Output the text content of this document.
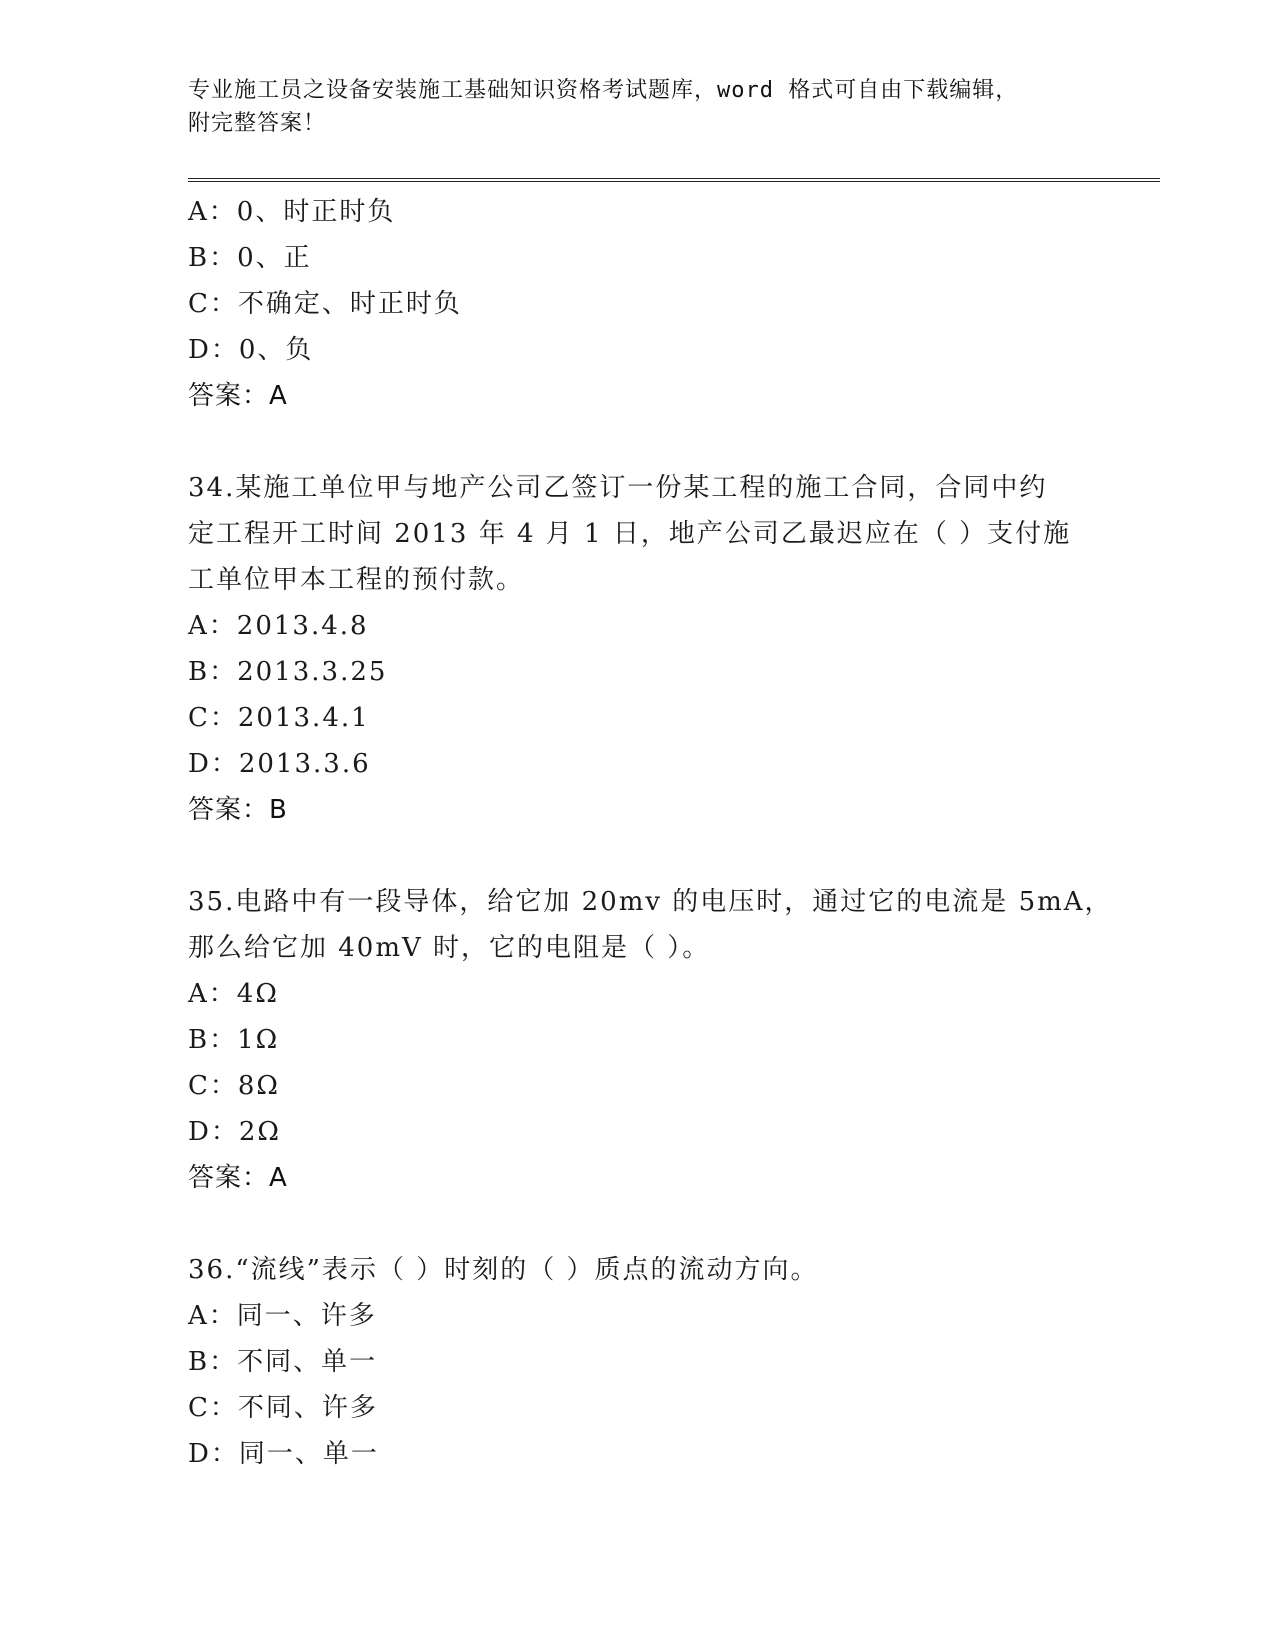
专业施工员之设备安装施工基础知识资格考试题库，word 格式可自由下载编辑，
附完整答案！
A：0、时正时负
B：0、正
C：不确定、时正时负
D：0、负
答案：A
34.某施工单位甲与地产公司乙签订一份某工程的施工合同，合同中约
定工程开工时间 2013 年 4 月 1 日，地产公司乙最迟应在（ ）支付施
工单位甲本工程的预付款。
A：2013.4.8
B：2013.3.25
C：2013.4.1
D：2013.3.6
答案：B
35.电路中有一段导体，给它加 20mv 的电压时，通过它的电流是 5mA，
那么给它加 40mV 时，它的电阻是（ ）。
A：4Ω
B：1Ω
C：8Ω
D：2Ω
答案：A
36.“流线”表示（ ）时刻的（ ）质点的流动方向。
A：同一、许多
B：不同、单一
C：不同、许多
D：同一、单一
